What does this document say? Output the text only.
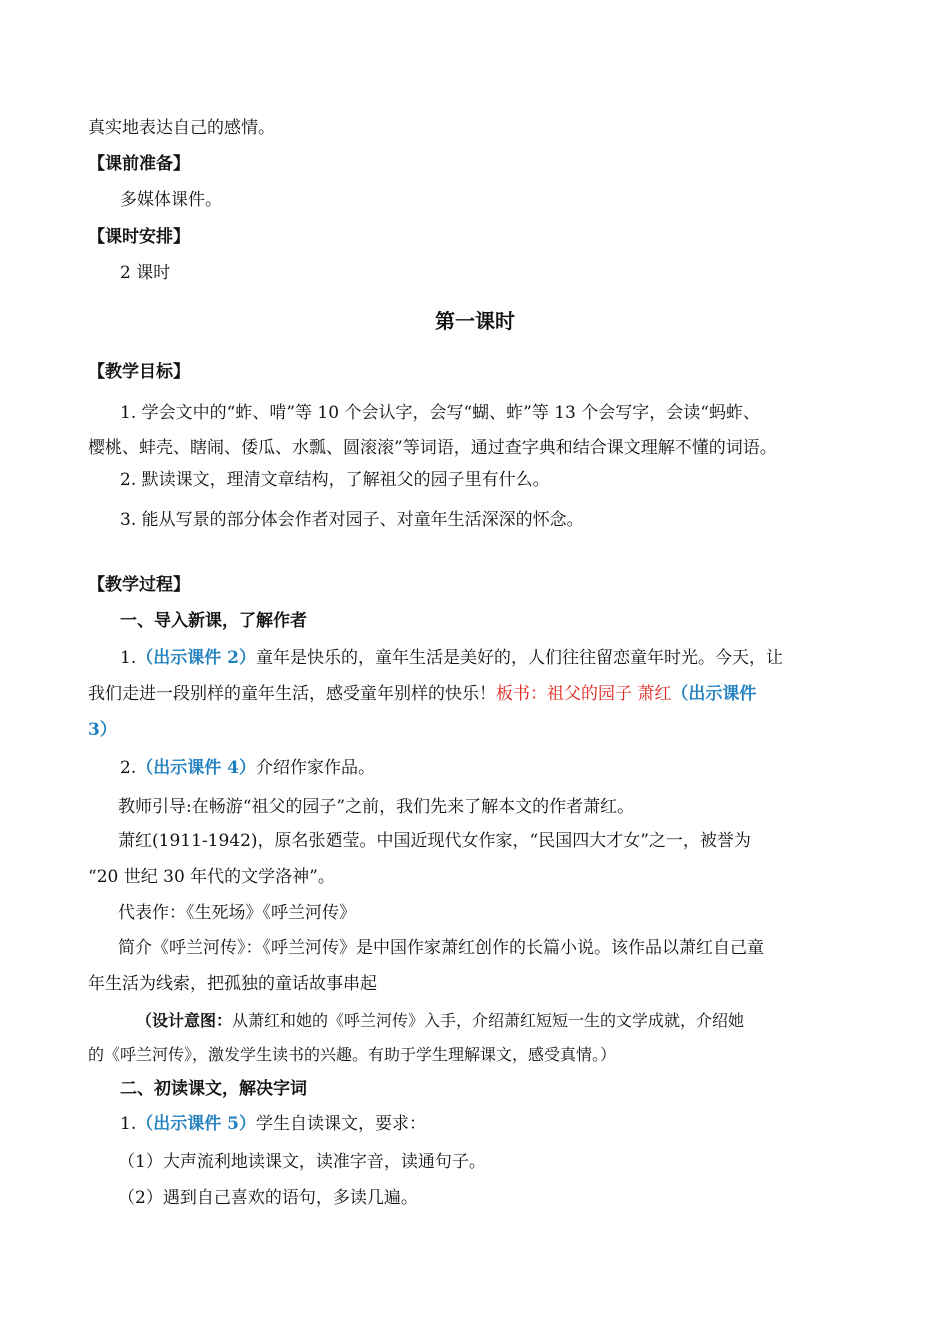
真实地表达自己的感情。
【课前准备】
多媒体课件。
【课时安排】
2 课时
第一课时
【教学目标】
1. 学会文中的“蚱、啃”等 10 个会认字，会写“蝴、蚱”等 13 个会写字，会读“蚂蚱、
樱桃、蚌壳、瞎闹、倭瓜、水瓢、圆滚滚”等词语，通过查字典和结合课文理解不懂的词语。
2. 默读课文，理清文章结构，了解祖父的园子里有什么。
3. 能从写景的部分体会作者对园子、对童年生活深深的怀念。
【教学过程】
一、导入新课，了解作者
1.（出示课件 2）童年是快乐的，童年生活是美好的，人们往往留恋童年时光。今天，让
我们走进一段别样的童年生活，感受童年别样的快乐！板书：祖父的园子 萧红（出示课件
3）
2.（出示课件 4）介绍作家作品。
教师引导:在畅游“祖父的园子”之前，我们先来了解本文的作者萧红。
萧红(1911-1942)，原名张廼莹。中国近现代女作家，“民国四大才女”之一，被誉为
“20 世纪 30 年代的文学洛神”。
代表作：《生死场》《呼兰河传》
简介《呼兰河传》：《呼兰河传》是中国作家萧红创作的长篇小说。该作品以萧红自己童
年生活为线索，把孤独的童话故事串起
（设计意图：从萧红和她的《呼兰河传》入手，介绍萧红短短一生的文学成就，介绍她
的《呼兰河传》，激发学生读书的兴趣。有助于学生理解课文，感受真情。）
二、初读课文，解决字词
1.（出示课件 5）学生自读课文，要求：
（1）大声流利地读课文，读准字音，读通句子。
（2）遇到自己喜欢的语句，多读几遍。
